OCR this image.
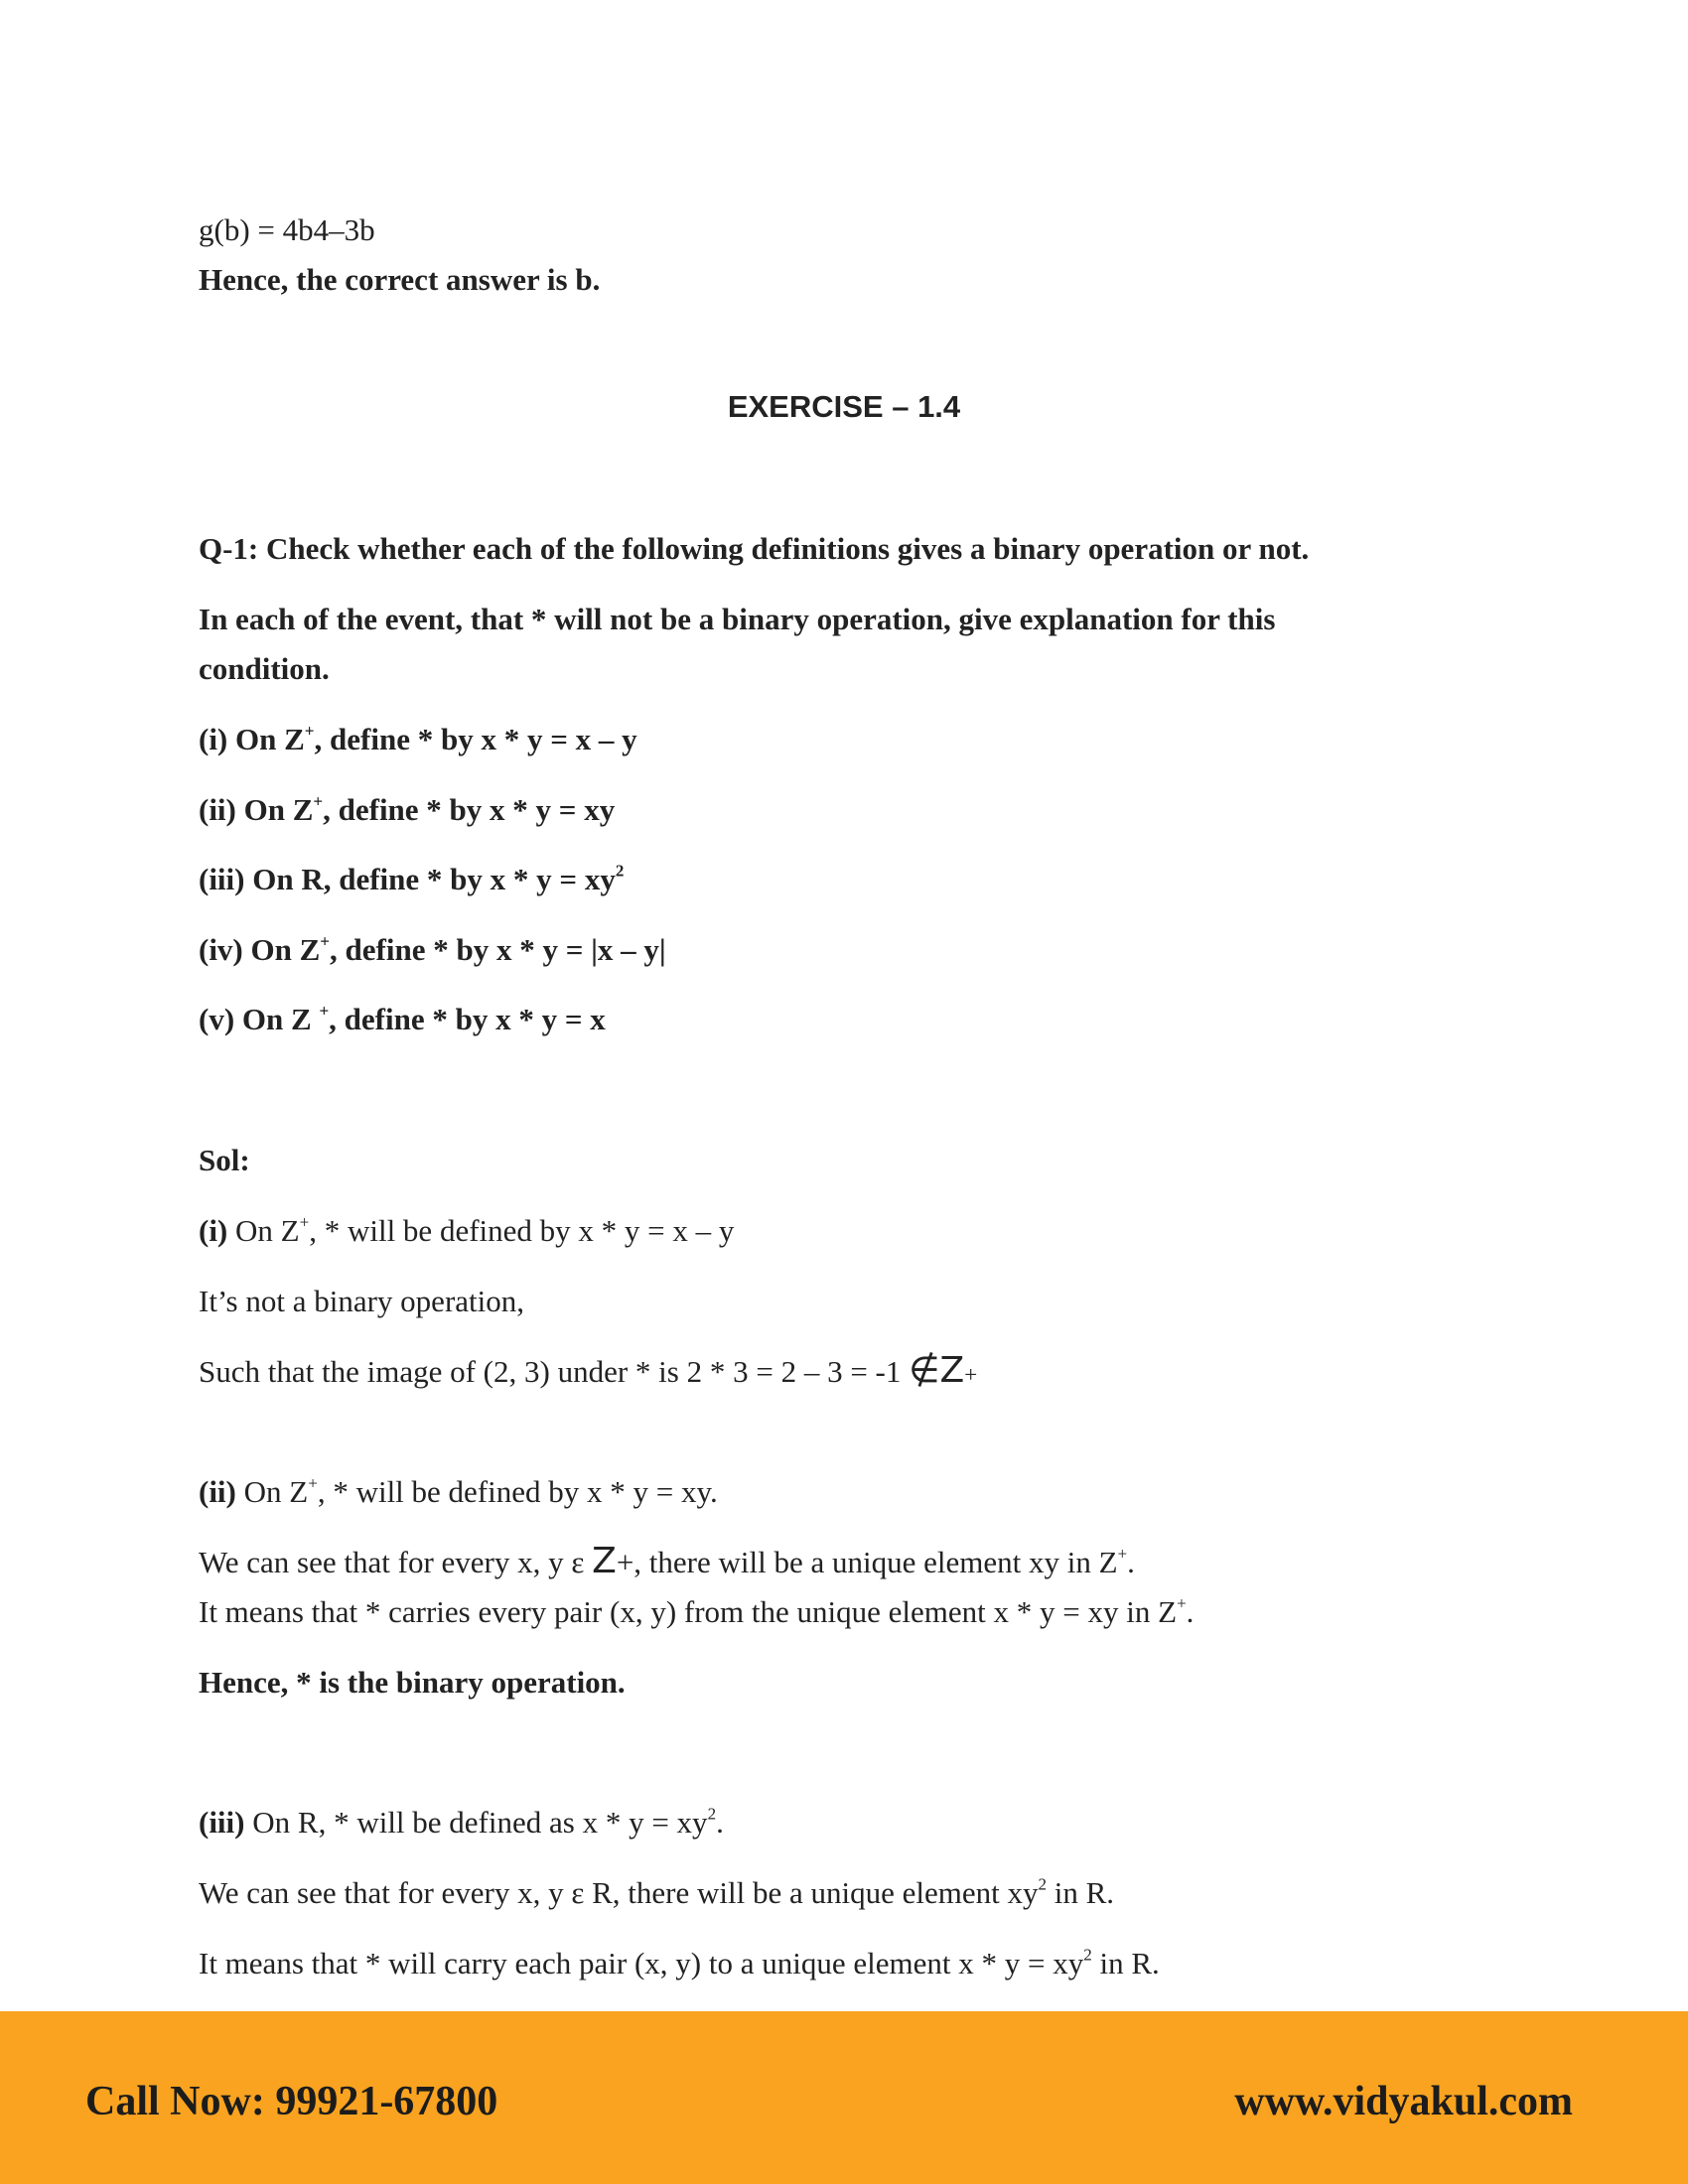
g(b) = 4b4–3b

Hence, the correct answer is b.

EXERCISE – 1.4

Q-1: Check whether each of the following definitions gives a binary operation or not.

In each of the event, that * will not be a binary operation, give explanation for this

condition.

(i) On Z+, define * by x * y = x – y

(ii) On Z+, define * by x * y = xy

(iii) On R, define * by $x * y = xy^2$

(iv) On Z+, define * by x * y = |x – y|

(v) On Z +, define * by x * y = x

Sol:

(i) On Z+, * will be defined by x * y = x – y

It’s not a binary operation,

Such that the image of (2, 3) under * is 2 * 3 = 2 – 3 = -1 ∉Z+

(ii) On Z+, * will be defined by x * y = xy.

We can see that for every x, y ε Z+, there will be a unique element xy in Z+.

It means that * carries every pair (x, y) from the unique element x * y = xy in Z+.

Hence, * is the binary operation.

(iii) On R, * will be defined as $x * y = xy^2$.

We can see that for every x, y ε R, there will be a unique element $xy^2$ in R.

It means that * will carry each pair (x, y) to a unique element $x * y = xy^2$ in R.

Call Now: 99921-67800	www.vidyakul.com
